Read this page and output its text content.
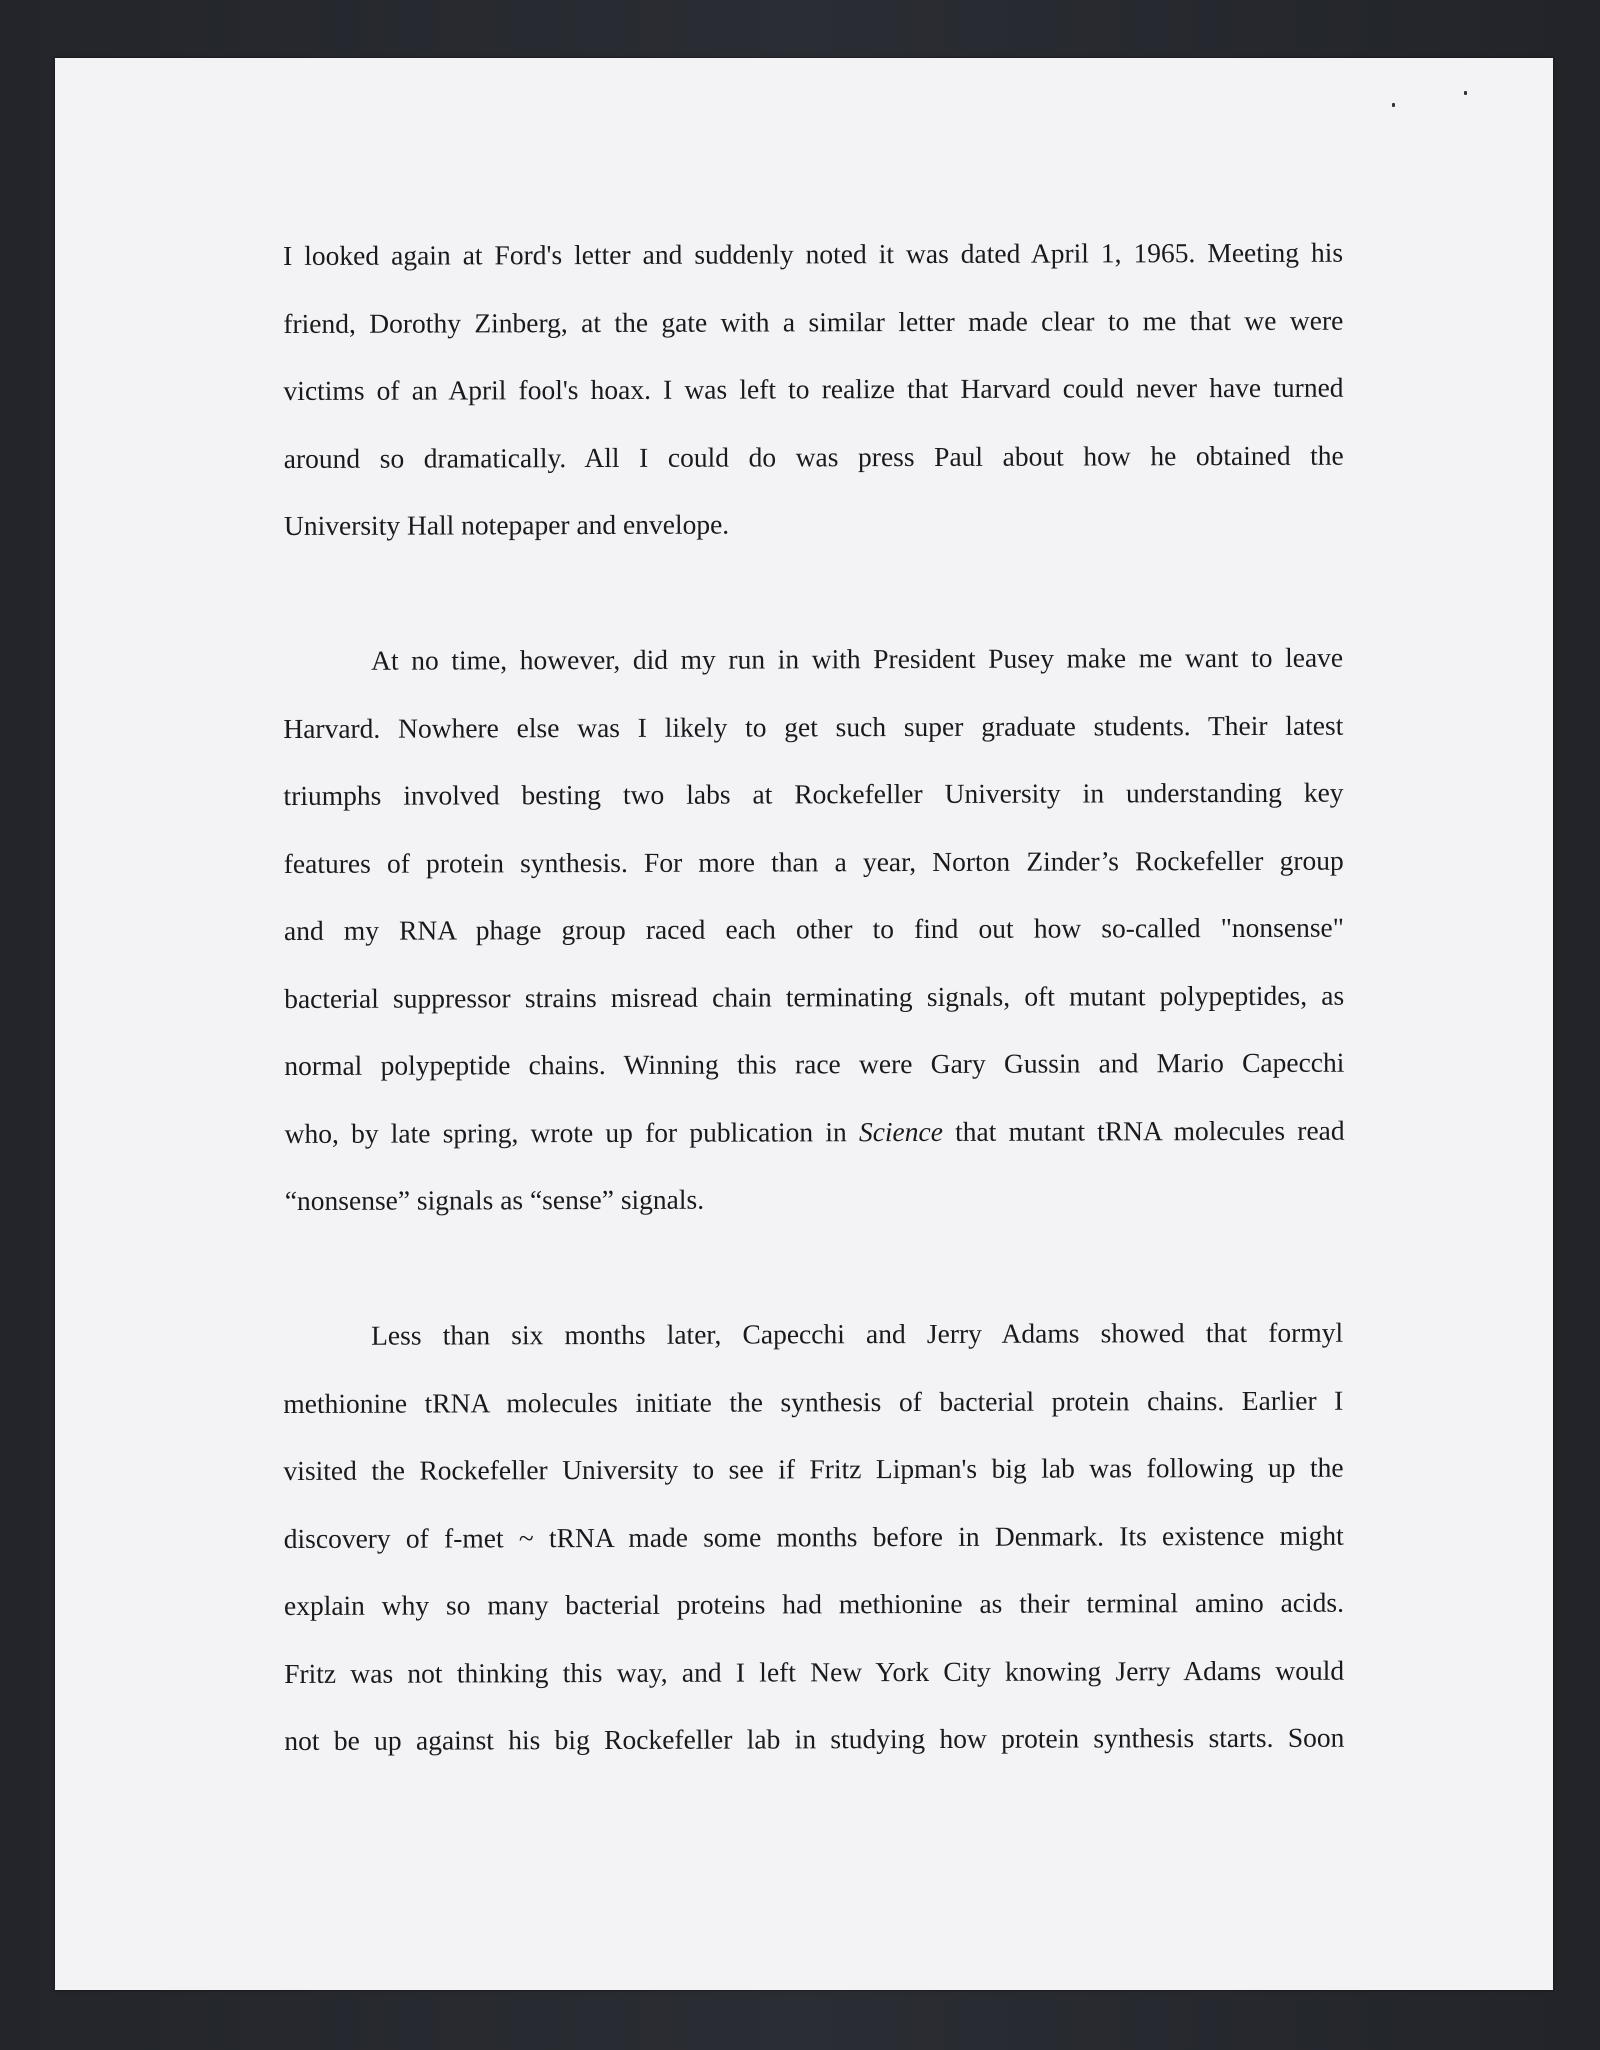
I looked again at Ford's letter and suddenly noted it was dated April 1, 1965. Meeting his
friend, Dorothy Zinberg, at the gate with a similar letter made clear to me that we were
victims of an April fool's hoax. I was left to realize that Harvard could never have turned
around so dramatically. All I could do was press Paul about how he obtained the
University Hall notepaper and envelope.

At no time, however, did my run in with President Pusey make me want to leave
Harvard. Nowhere else was I likely to get such super graduate students. Their latest
triumphs involved besting two labs at Rockefeller University in understanding key
features of protein synthesis. For more than a year, Norton Zinder’s Rockefeller group
and my RNA phage group raced each other to find out how so-called "nonsense"
bacterial suppressor strains misread chain terminating signals, oft mutant polypeptides, as
normal polypeptide chains. Winning this race were Gary Gussin and Mario Capecchi
who, by late spring, wrote up for publication in Science that mutant tRNA molecules read
“nonsense” signals as “sense” signals.

Less than six months later, Capecchi and Jerry Adams showed that formyl
methionine tRNA molecules initiate the synthesis of bacterial protein chains. Earlier I
visited the Rockefeller University to see if Fritz Lipman's big lab was following up the
discovery of f-met ~ tRNA made some months before in Denmark. Its existence might
explain why so many bacterial proteins had methionine as their terminal amino acids.
Fritz was not thinking this way, and I left New York City knowing Jerry Adams would
not be up against his big Rockefeller lab in studying how protein synthesis starts. Soon
